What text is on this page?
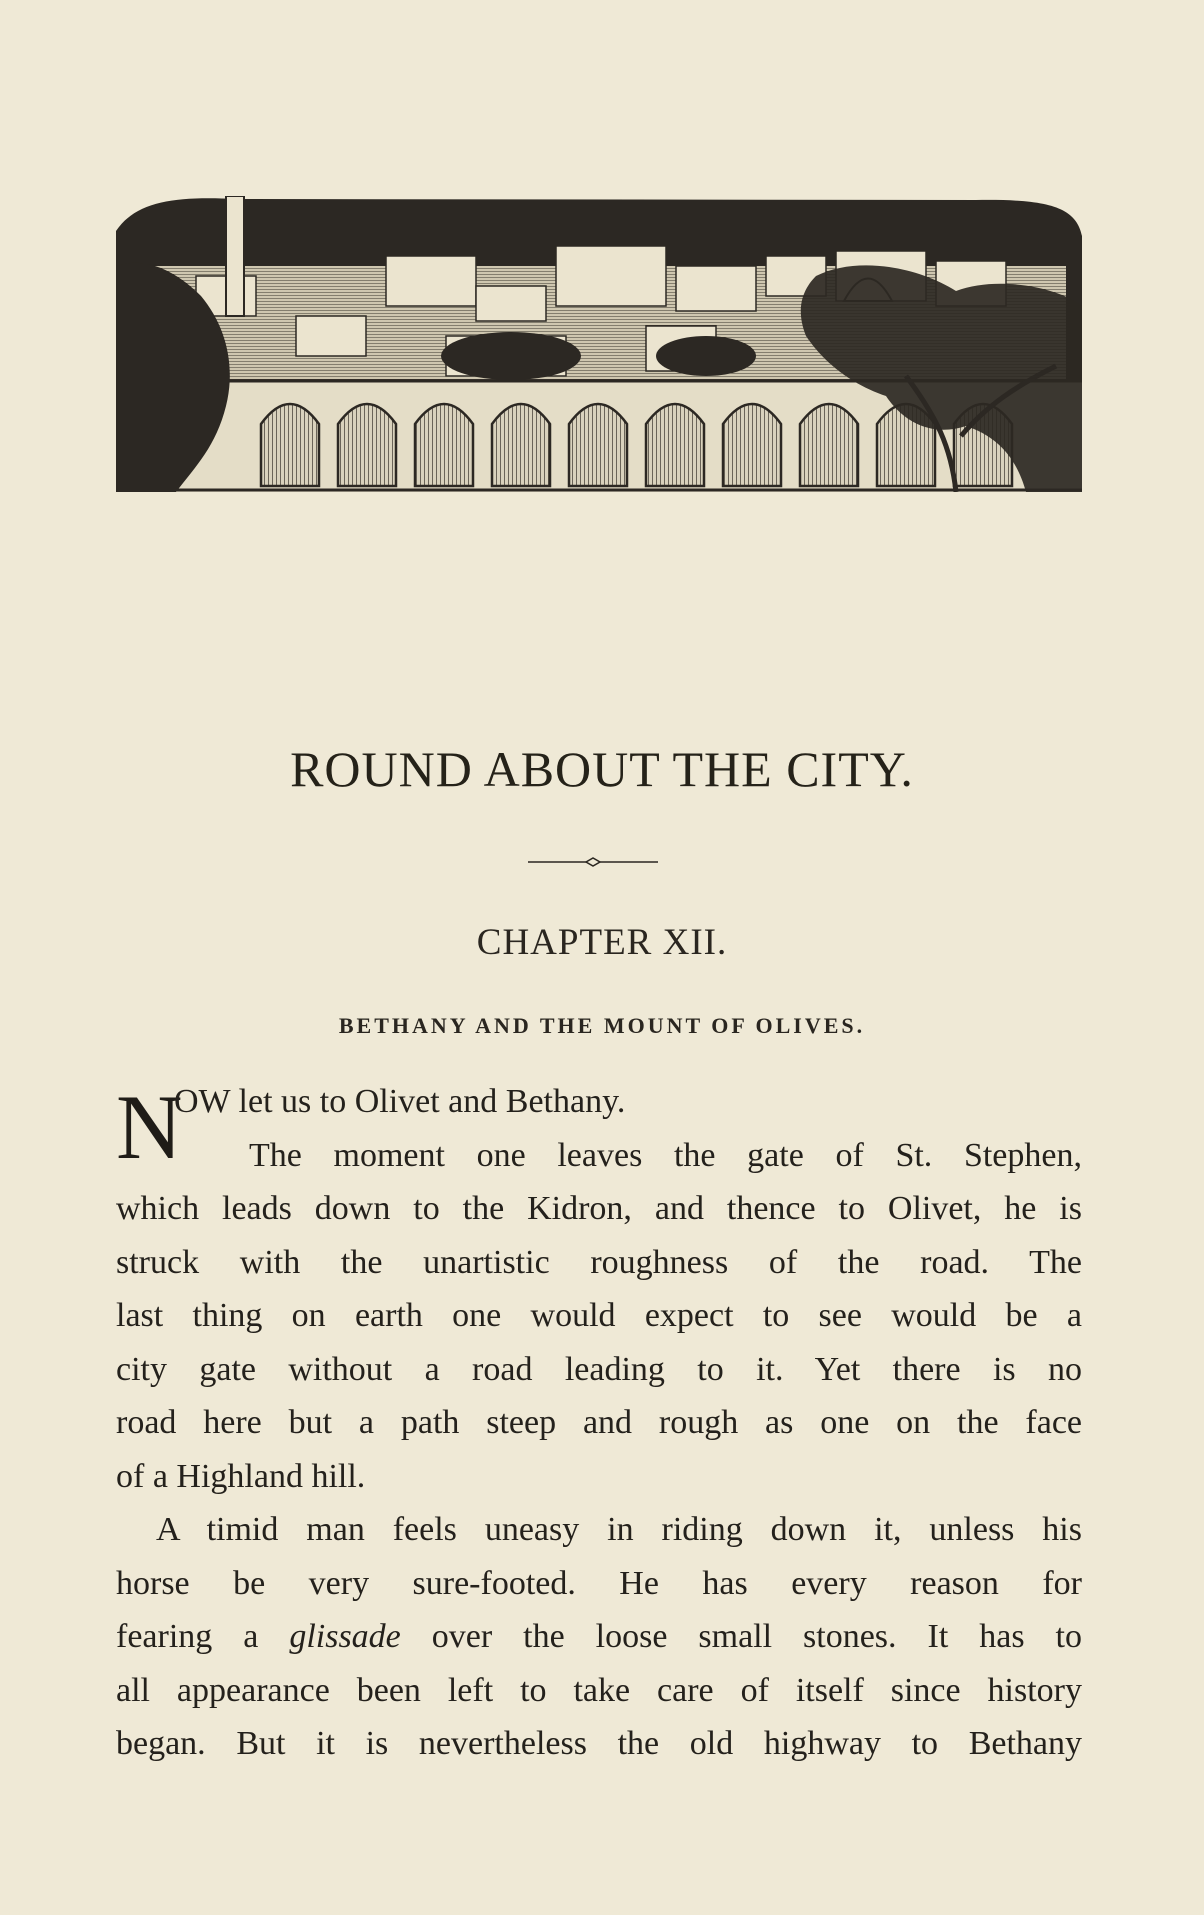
ROUND ABOUT THE CITY.
CHAPTER XII.
BETHANY AND THE MOUNT OF OLIVES.
N
OW let us to Olivet and Bethany.
The moment one leaves the gate of St. Stephen,
which leads down to the Kidron, and thence to Olivet, he is
struck with the unartistic roughness of the road. The
last thing on earth one would expect to see would be a
city gate without a road leading to it. Yet there is no
road here but a path steep and rough as one on the face
of a Highland hill.
A timid man feels uneasy in riding down it, unless his
horse be very sure-footed. He has every reason for
fearing a glissade over the loose small stones. It has to
all appearance been left to take care of itself since history
began. But it is nevertheless the old highway to Bethany
